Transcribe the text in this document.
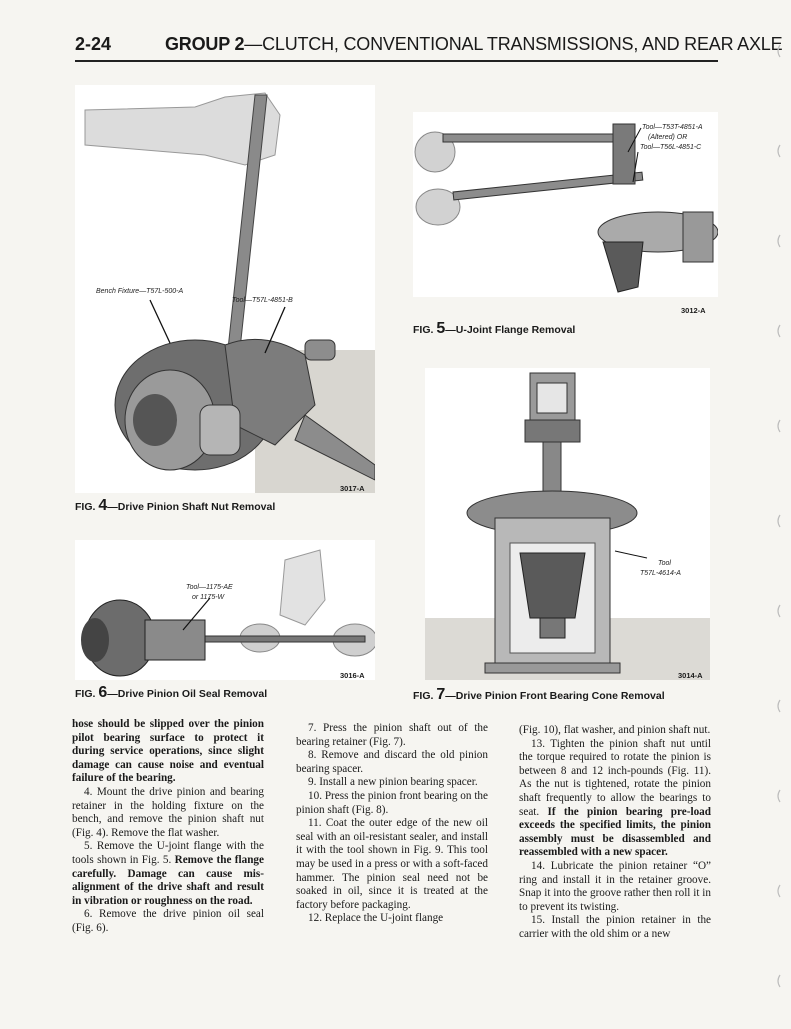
2-24	GROUP 2—CLUTCH, CONVENTIONAL TRANSMISSIONS, AND REAR AXLE
Bench Fixture—T57L-500-A
Tool—T57L-4851-B
3017-A
FIG. 4—Drive Pinion Shaft Nut Removal
Tool—T53T-4851-A
(Altered) OR
Tool—T56L-4851-C
3012-A
FIG. 5—U-Joint Flange Removal
Tool—1175-AE
or 1175-W
3016-A
FIG. 6—Drive Pinion Oil Seal Removal
Tool
T57L-4614-A
3014-A
FIG. 7—Drive Pinion Front Bearing Cone Removal

hose should be slipped over the pinion pilot bearing surface to protect it during service operations, since slight damage can cause noise and eventual failure of the bearing.

4. Mount the drive pinion and bearing retainer in the holding fixture on the bench, and remove the pinion shaft nut (Fig. 4). Remove the flat washer.

5. Remove the U-joint flange with the tools shown in Fig. 5. Remove the flange carefully. Damage can cause mis-alignment of the drive shaft and result in vibration or roughness on the road.

6. Remove the drive pinion oil seal (Fig. 6).

7. Press the pinion shaft out of the bearing retainer (Fig. 7).

8. Remove and discard the old pinion bearing spacer.

9. Install a new pinion bearing spacer.

10. Press the pinion front bearing on the pinion shaft (Fig. 8).

11. Coat the outer edge of the new oil seal with an oil-resistant sealer, and install it with the tool shown in Fig. 9. This tool may be used in a press or with a soft-faced hammer. The pinion seal need not be soaked in oil, since it is treated at the factory before packaging.

12. Replace the U-joint flange

(Fig. 10), flat washer, and pinion shaft nut.

13. Tighten the pinion shaft nut until the torque required to rotate the pinion is between 8 and 12 inch-pounds (Fig. 11). As the nut is tightened, rotate the pinion shaft frequently to allow the bearings to seat. If the pinion bearing pre-load exceeds the specified limits, the pinion assembly must be disassembled and reassembled with a new spacer.

14. Lubricate the pinion retainer “O” ring and install it in the retainer groove. Snap it into the groove rather then roll it in to prevent its twisting.

15. Install the pinion retainer in the carrier with the old shim or a new
